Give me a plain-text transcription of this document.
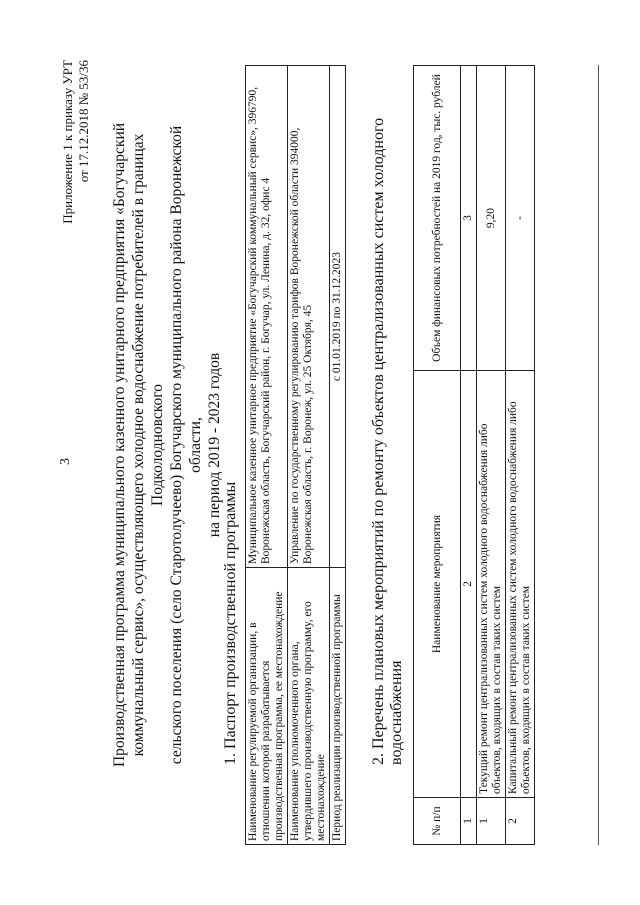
3
Приложение 1 к приказу УРТ от 17.12.2018 № 53/36
Производственная программа муниципального казенного унитарного предприятия «Богучарский коммунальный сервис», осуществляющего холодное водоснабжение потребителей в границах Подколодновского сельского поселения (село Старотолучеево) Богучарского муниципального района Воронежской области, на период 2019 - 2023 годов
1. Паспорт производственной программы Наименование регулируемой организации, в отношении которой разрабатывается производственная программа, ее местонахождение	Муниципальное казенное унитарное предприятие «Богучарский коммунальный сервис», 396790, Воронежская область, Богучарский район, г. Богучар, ул. Ленина, д. 32, офис 4
Наименование уполномоченного органа, утвердившего производственную программу, его местонахождение	Управление по государственному регулированию тарифов Воронежской области 394000, Воронежская область, г. Воронеж, ул. 25 Октября, 45
Период реализации производственной программы	с 01.01.2019 по 31.12.2023 2. Перечень плановых мероприятий по ремонту объектов централизованных систем холодного водоснабжения
№ п/п	Наименование мероприятия	Объем финансовых потребностей на 2019 год, тыс. рублей
1	2	3
1	Текущий ремонт централизованных систем холодного водоснабжения либо объектов, входящих в состав таких систем	9,20
2	Капитальный ремонт централизованных систем холодного водоснабжения либо объектов, входящих в состав таких систем	-
